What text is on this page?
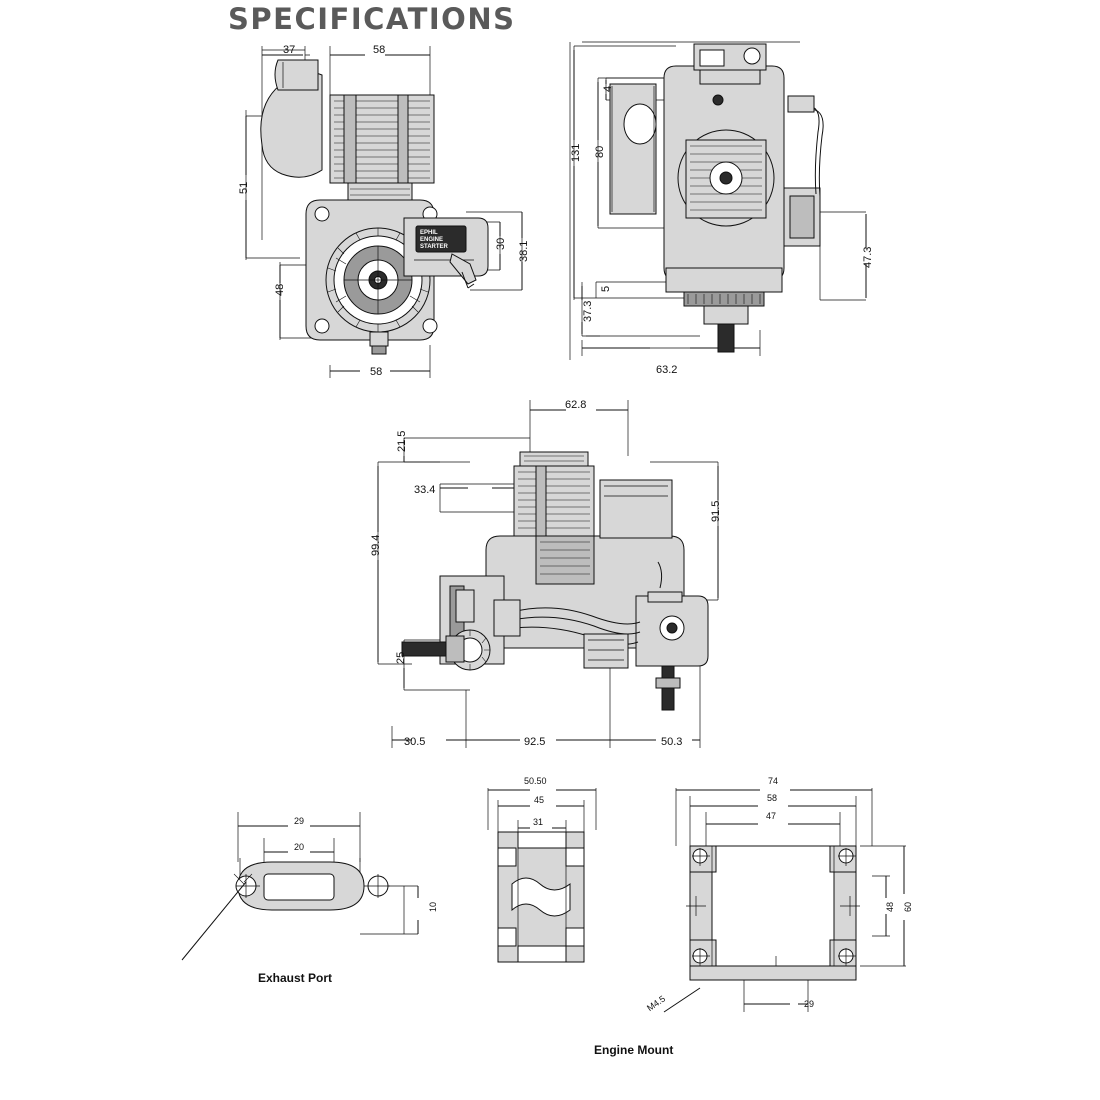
SPECIFICATIONS
EPHIL
ENGINE
STARTER
37	58
51
48
30 38.1
58
4
80
131
47.3
5
37.3
63.2
62.8
21.5
33.4
99.4
91.5
25
30.5	92.5	50.3
29
20
10
Exhaust Port
50.50
45
31
74
58
47
60
48
29
M4.5
Engine Mount
